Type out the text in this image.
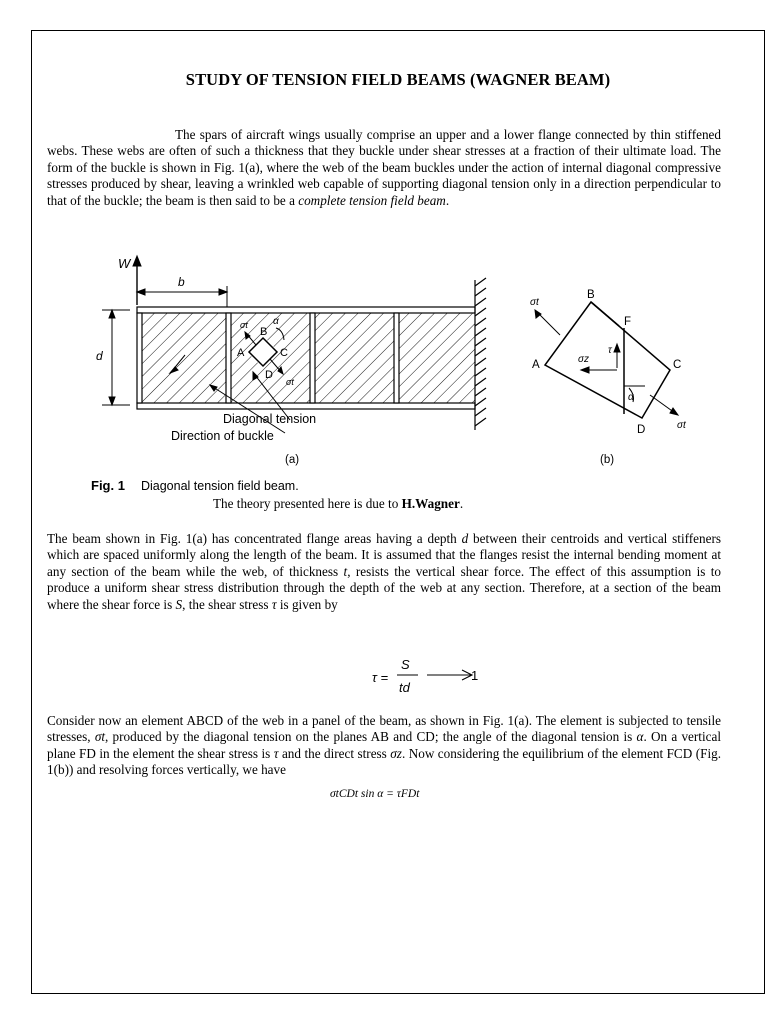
STUDY OF TENSION FIELD BEAMS (WAGNER BEAM)

The spars of aircraft wings usually comprise an upper and a lower flange connected by thin stiffened webs. These webs are often of such a thickness that they buckle under shear stresses at a fraction of their ultimate load. The form of the buckle is shown in Fig. 1(a), where the web of the beam buckles under the action of internal diagonal compressive stresses produced by shear, leaving a wrinkled web capable of supporting diagonal tension only in a direction perpendicular to that of the buckle; the beam is then said to be a complete tension field beam.

W
b
d	A
B
C
D
σt
σt
α
Diagonal tension
Direction of buckle
(a)
σt
σt
σz
τ
α
A
B
C
D
F
(b)
Fig. 1 Diagonal tension field beam.
The theory presented here is due to H.Wagner.

The beam shown in Fig. 1(a) has concentrated flange areas having a depth d between their centroids and vertical stiffeners which are spaced uniformly along the length of the beam. It is assumed that the flanges resist the internal bending moment at any section of the beam while the web, of thickness t, resists the vertical shear force. The effect of this assumption is to produce a uniform shear stress distribution through the depth of the web at any section. Therefore, at a section of the beam where the shear force is S, the shear stress τ is given by

τ =
S
td
1

Consider now an element ABCD of the web in a panel of the beam, as shown in Fig. 1(a). The element is subjected to tensile stresses, σt, produced by the diagonal tension on the planes AB and CD; the angle of the diagonal tension is α. On a vertical plane FD in the element the shear stress is τ and the direct stress σz. Now considering the equilibrium of the element FCD (Fig. 1(b)) and resolving forces vertically, we have

σtCDt sin α = τFDt
